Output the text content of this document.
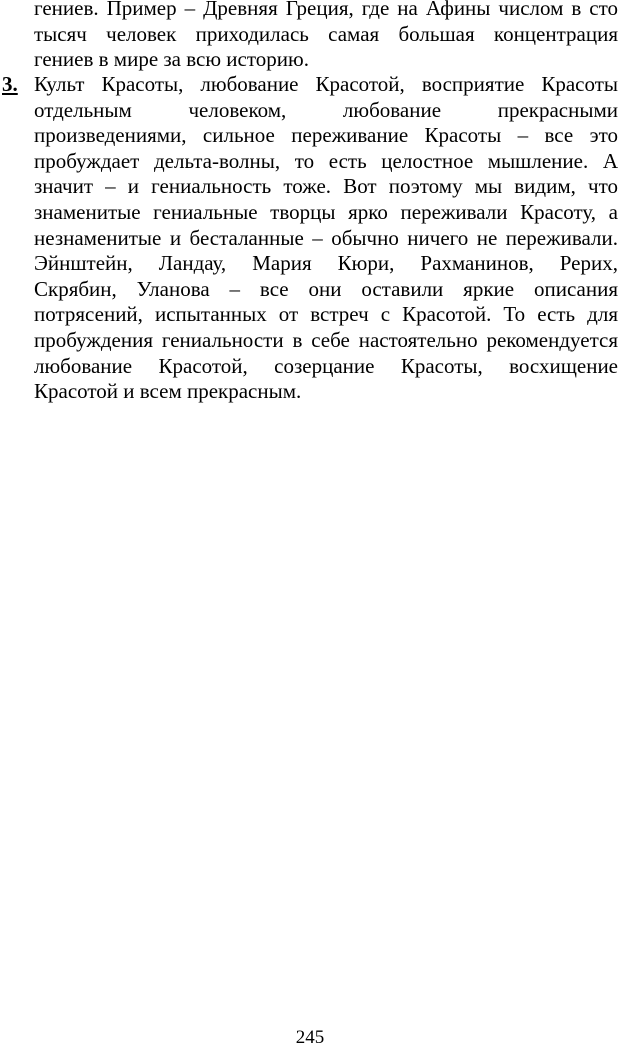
гениев. Пример – Древняя Греция, где на Афины числом в сто
тысяч человек приходилась самая большая концентрация
гениев в мире за всю историю.
3. Культ Красоты, любование Красотой, восприятие Красоты
отдельным человеком, любование прекрасными
произведениями, сильное переживание Красоты – все это
пробуждает дельта-волны, то есть целостное мышление. А
значит – и гениальность тоже. Вот поэтому мы видим, что
знаменитые гениальные творцы ярко переживали Красоту, а
незнаменитые и бесталанные – обычно ничего не переживали.
Эйнштейн, Ландау, Мария Кюри, Рахманинов, Рерих,
Скрябин, Уланова – все они оставили яркие описания
потрясений, испытанных от встреч с Красотой. То есть для
пробуждения гениальности в себе настоятельно рекомендуется
любование Красотой, созерцание Красоты, восхищение
Красотой и всем прекрасным.
245
